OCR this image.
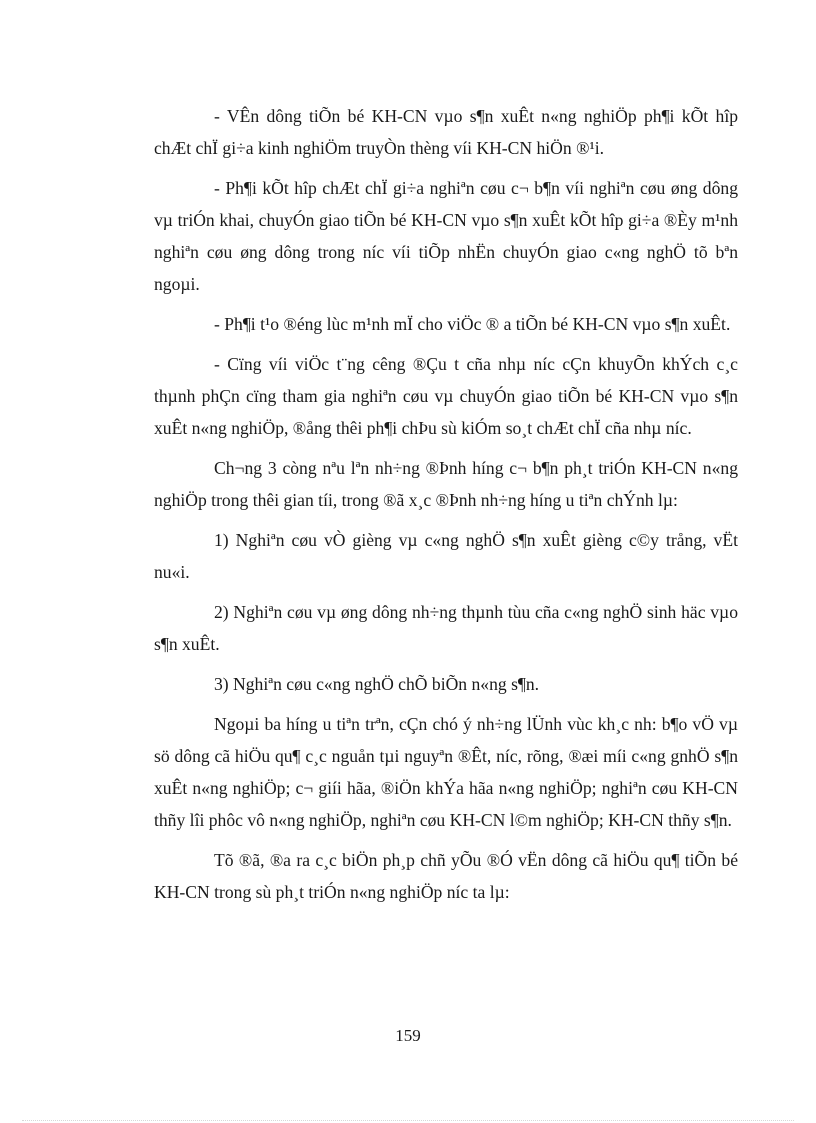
- VÊn dông tiÕn bé KH-CN vµo s¶n xuÊt n«ng nghiÖp ph¶i kÕt hîp chÆt chÏ gi÷a kinh nghiÖm truyÒn thèng víi KH-CN hiÖn ®¹i.

- Ph¶i kÕt hîp chÆt chÏ gi÷a nghiªn cøu c¬ b¶n víi nghiªn cøu øng dông vµ triÓn khai, chuyÓn giao tiÕn bé KH-CN vµo s¶n xuÊt kÕt hîp gi÷a ®Èy m¹nh nghiªn cøu øng dông trong níc víi tiÕp nhËn chuyÓn giao c«ng nghÖ tõ bªn ngoµi.

- Ph¶i t¹o ®éng lùc m¹nh mÏ cho viÖc ® a tiÕn bé KH-CN vµo s¶n xuÊt.

- Cïng víi viÖc t¨ng cêng ®Çu t cña nhµ níc cÇn khuyÕn khÝch c¸c thµnh phÇn cïng tham gia nghiªn cøu vµ chuyÓn giao tiÕn bé KH-CN vµo s¶n xuÊt n«ng nghiÖp, ®ång thêi ph¶i chÞu sù kiÓm so¸t chÆt chÏ cña nhµ níc.

Ch¬ng 3 còng nªu lªn nh÷ng ®Þnh híng c¬ b¶n ph¸t triÓn KH-CN n«ng nghiÖp trong thêi gian tíi, trong ®ã x¸c ®Þnh nh÷ng híng u tiªn chÝnh lµ:

1) Nghiªn cøu vÒ gièng vµ c«ng nghÖ s¶n xuÊt gièng c©y trång, vËt nu«i.

2) Nghiªn cøu vµ øng dông nh÷ng thµnh tùu cña c«ng nghÖ sinh häc vµo s¶n xuÊt.

3) Nghiªn cøu c«ng nghÖ chÕ biÕn n«ng s¶n.

Ngoµi ba híng u tiªn trªn, cÇn chó ý nh÷ng lÜnh vùc kh¸c nh: b¶o vÖ vµ sö dông cã hiÖu qu¶ c¸c nguån tµi nguyªn ®Êt, níc, rõng, ®æi míi c«ng gnhÖ s¶n xuÊt n«ng nghiÖp; c¬ giíi hãa, ®iÖn khÝa hãa n«ng nghiÖp; nghiªn cøu KH-CN thñy lîi phôc vô n«ng nghiÖp, nghiªn cøu KH-CN l©m nghiÖp; KH-CN thñy s¶n.

Tõ ®ã, ®a ra c¸c biÖn ph¸p chñ yÕu ®Ó vËn dông cã hiÖu qu¶ tiÕn bé KH-CN trong sù ph¸t triÓn n«ng nghiÖp níc ta lµ:

159
